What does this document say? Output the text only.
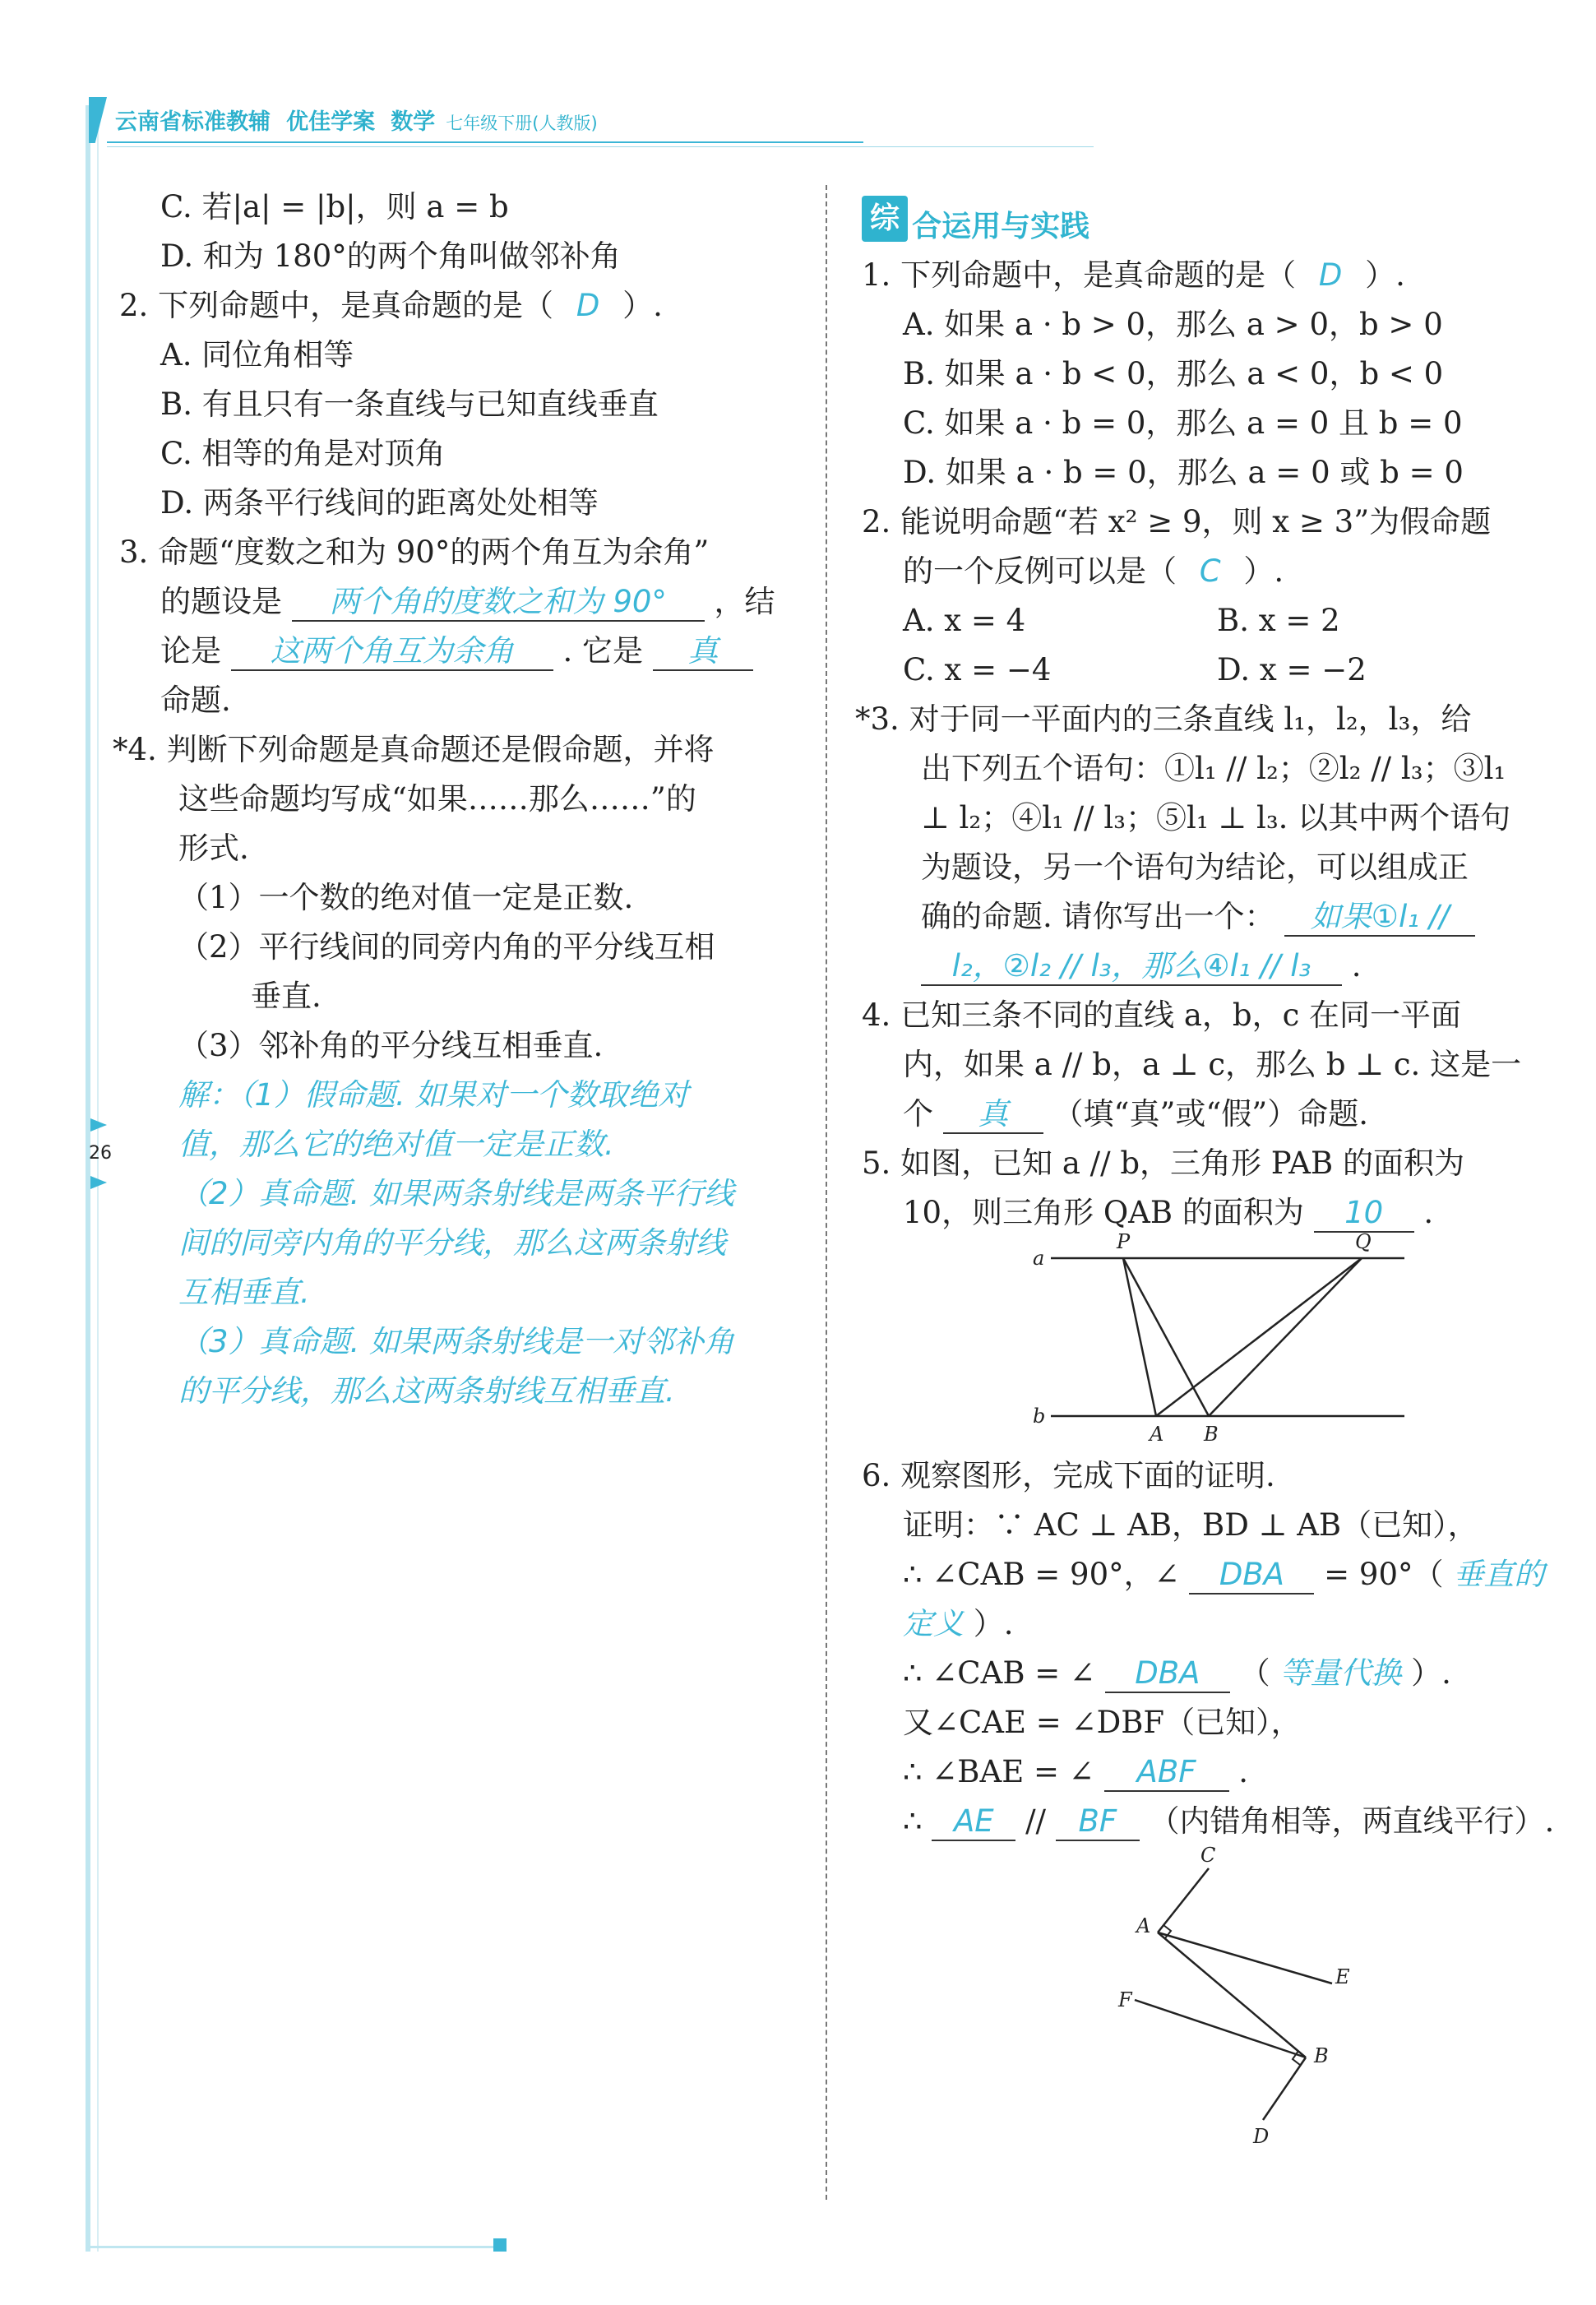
云南省标准教辅 优佳学案 数学 七年级下册(人教版)
26
C. 若|a| = |b|，则 a = b
D. 和为 180°的两个角叫做邻补角
2. 下列命题中，是真命题的是（ D ）.
A. 同位角相等
B. 有且只有一条直线与已知直线垂直
C. 相等的角是对顶角
D. 两条平行线间的距离处处相等
3. 命题“度数之和为 90°的两个角互为余角”
的题设是 两个角的度数之和为 90° ，结
论是 这两个角互为余角 . 它是 真
命题.
*4. 判断下列命题是真命题还是假命题，并将
这些命题均写成“如果……那么……”的
形式.
（1）一个数的绝对值一定是正数.
（2）平行线间的同旁内角的平分线互相
垂直.
（3）邻补角的平分线互相垂直.
解：（1）假命题. 如果对一个数取绝对
值，那么它的绝对值一定是正数.
（2）真命题. 如果两条射线是两条平行线
间的同旁内角的平分线，那么这两条射线
互相垂直.
（3）真命题. 如果两条射线是一对邻补角
的平分线，那么这两条射线互相垂直.
综 合运用与实践
1. 下列命题中，是真命题的是（ D ）.
A. 如果 a · b > 0，那么 a > 0，b > 0
B. 如果 a · b < 0，那么 a < 0，b < 0
C. 如果 a · b = 0，那么 a = 0 且 b = 0
D. 如果 a · b = 0，那么 a = 0 或 b = 0
2. 能说明命题“若 x² ≥ 9，则 x ≥ 3”为假命题
的一个反例可以是（ C ）.
A. x = 4	B. x = 2
C. x = −4	D. x = −2
*3. 对于同一平面内的三条直线 l₁，l₂，l₃，给
出下列五个语句：①l₁ // l₂；②l₂ // l₃；③l₁
⊥ l₂；④l₁ // l₃；⑤l₁ ⊥ l₃. 以其中两个语句
为题设，另一个语句为结论，可以组成正
确的命题. 请你写出一个： 如果①l₁ //
l₂，②l₂ // l₃，那么④l₁ // l₃ .
4. 已知三条不同的直线 a，b，c 在同一平面
内，如果 a // b，a ⊥ c，那么 b ⊥ c. 这是一
个 真 （填“真”或“假”）命题.
5. 如图，已知 a // b，三角形 PAB 的面积为
10，则三角形 QAB 的面积为 10 .
a
b
P	Q
A B
6. 观察图形，完成下面的证明.
证明：∵ AC ⊥ AB，BD ⊥ AB（已知），
∴ ∠CAB = 90°，∠ DBA = 90°（ 垂直的
定义 ）.
∴ ∠CAB = ∠ DBA （ 等量代换 ）.
又∠CAE = ∠DBF（已知），
∴ ∠BAE = ∠ ABF .
∴ AE // BF （内错角相等，两直线平行）.
C
A
E
F
B
D
